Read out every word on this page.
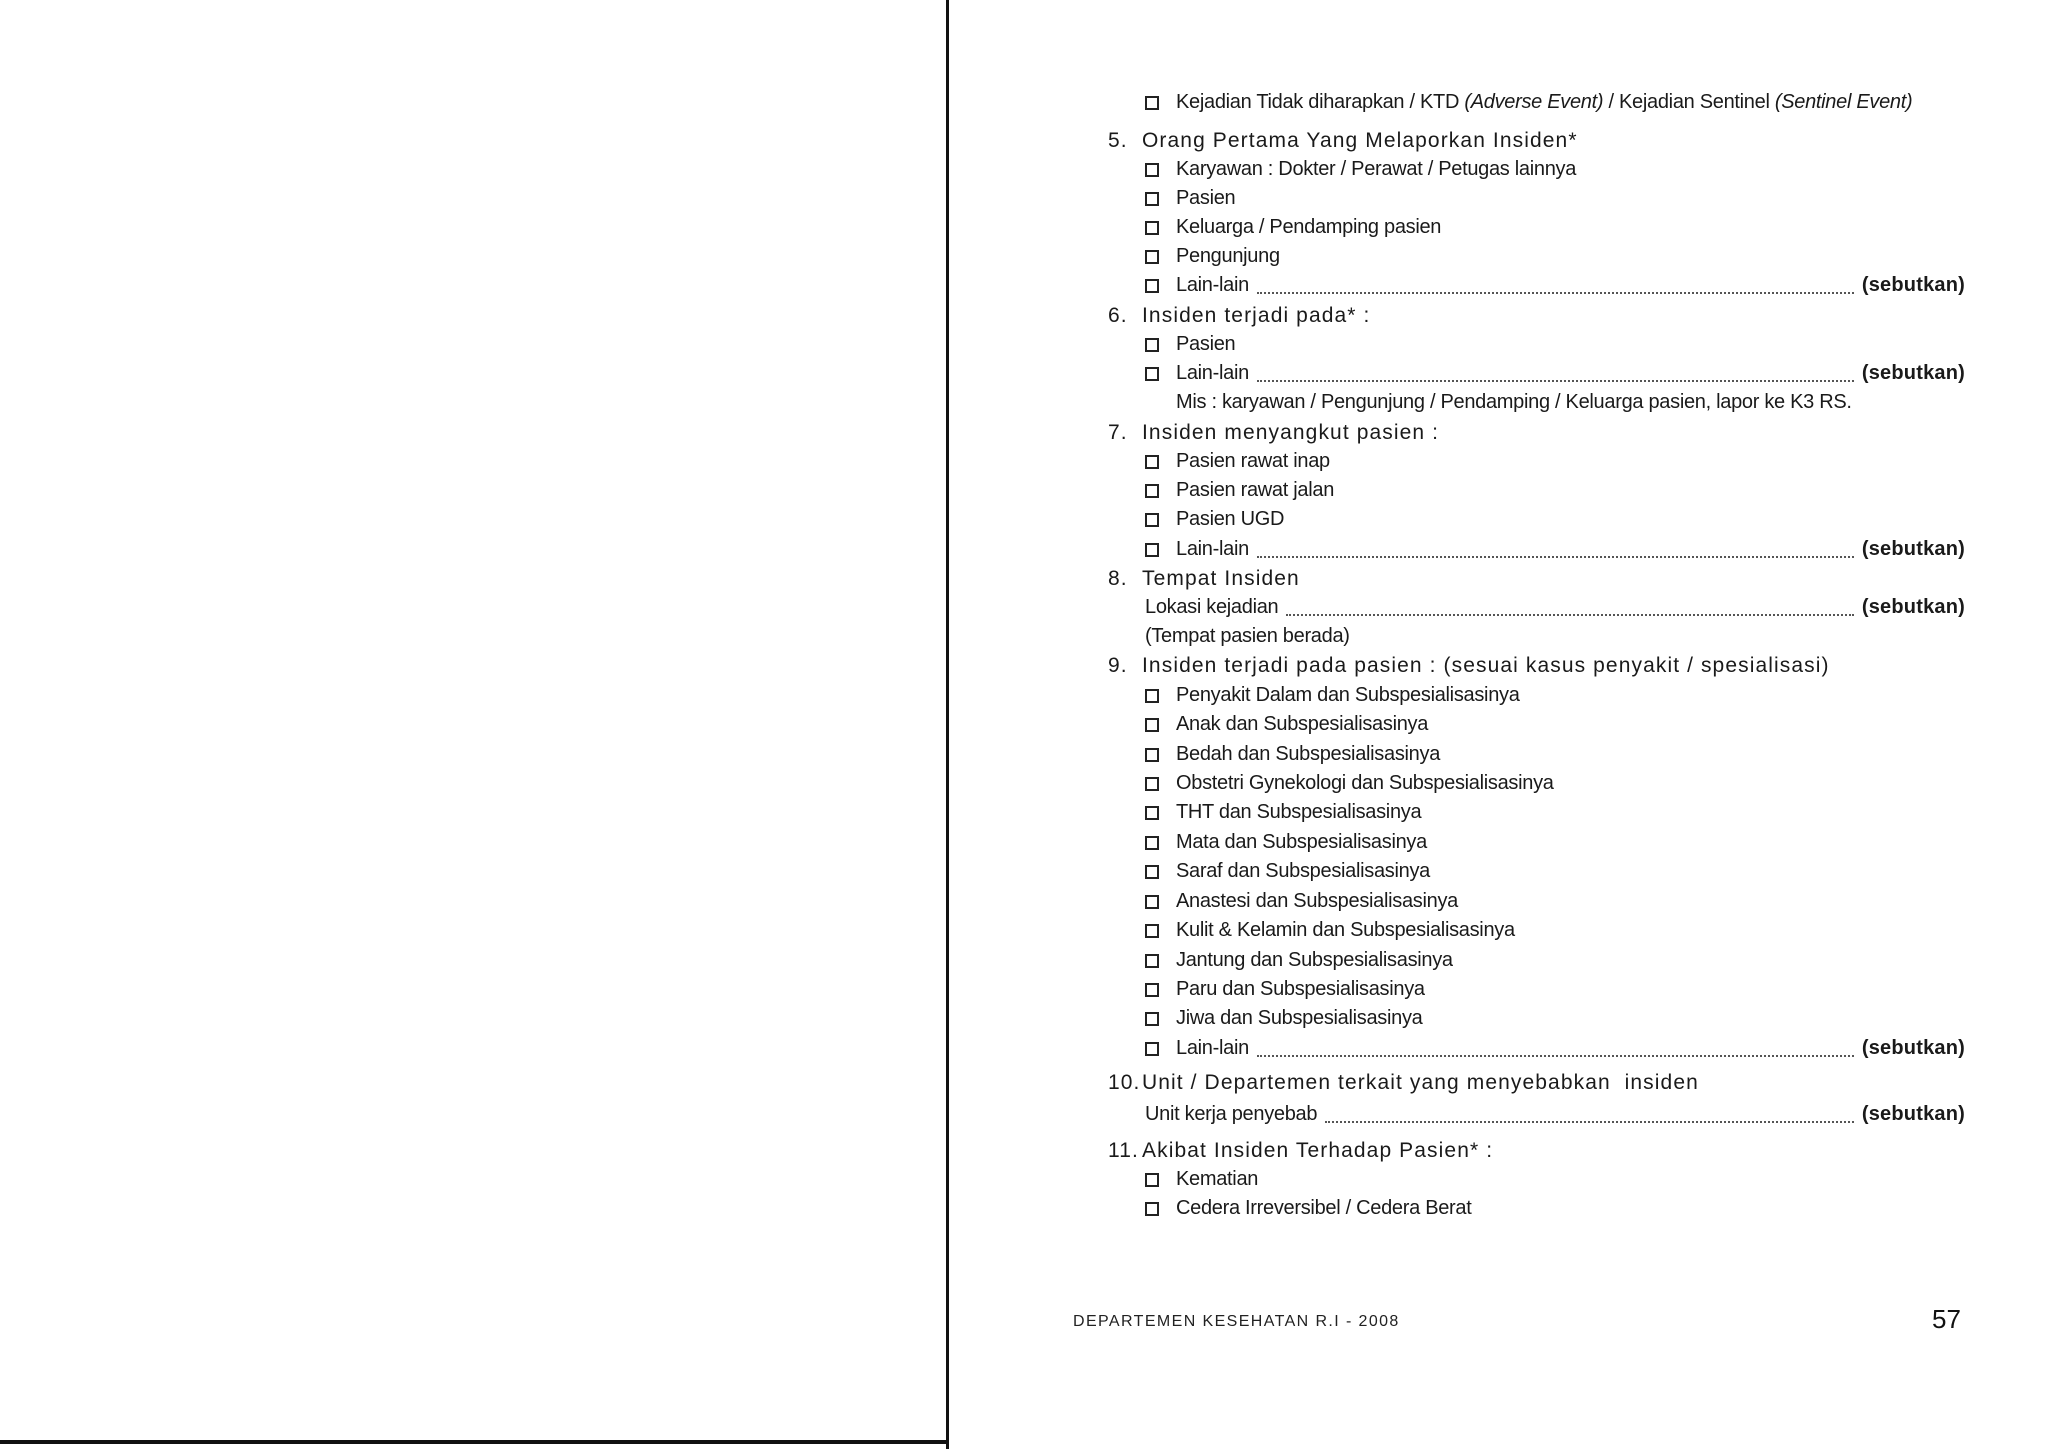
Kejadian Tidak diharapkan / KTD (Adverse Event) / Kejadian Sentinel (Sentinel Event)
5. Orang Pertama Yang Melaporkan Insiden*
Karyawan : Dokter / Perawat / Petugas lainnya
Pasien
Keluarga / Pendamping pasien
Pengunjung
Lain-lain	(sebutkan)
6. Insiden terjadi pada* :
Pasien
Lain-lain	(sebutkan)
Mis : karyawan / Pengunjung / Pendamping / Keluarga pasien, lapor ke K3 RS.
7. Insiden menyangkut pasien :
Pasien rawat inap
Pasien rawat jalan
Pasien UGD
Lain-lain	(sebutkan)
8. Tempat Insiden
Lokasi kejadian	(sebutkan)
(Tempat pasien berada)
9. Insiden terjadi pada pasien : (sesuai kasus penyakit / spesialisasi)
Penyakit Dalam dan Subspesialisasinya
Anak dan Subspesialisasinya
Bedah dan Subspesialisasinya
Obstetri Gynekologi dan Subspesialisasinya
THT dan Subspesialisasinya
Mata dan Subspesialisasinya
Saraf dan Subspesialisasinya
Anastesi dan Subspesialisasinya
Kulit & Kelamin dan Subspesialisasinya
Jantung dan Subspesialisasinya
Paru dan Subspesialisasinya
Jiwa dan Subspesialisasinya
Lain-lain	(sebutkan)
10. Unit / Departemen terkait yang menyebabkan  insiden
Unit kerja penyebab	(sebutkan)
11. Akibat Insiden Terhadap Pasien* :
Kematian
Cedera Irreversibel / Cedera Berat
DEPARTEMEN KESEHATAN R.I - 2008	57
